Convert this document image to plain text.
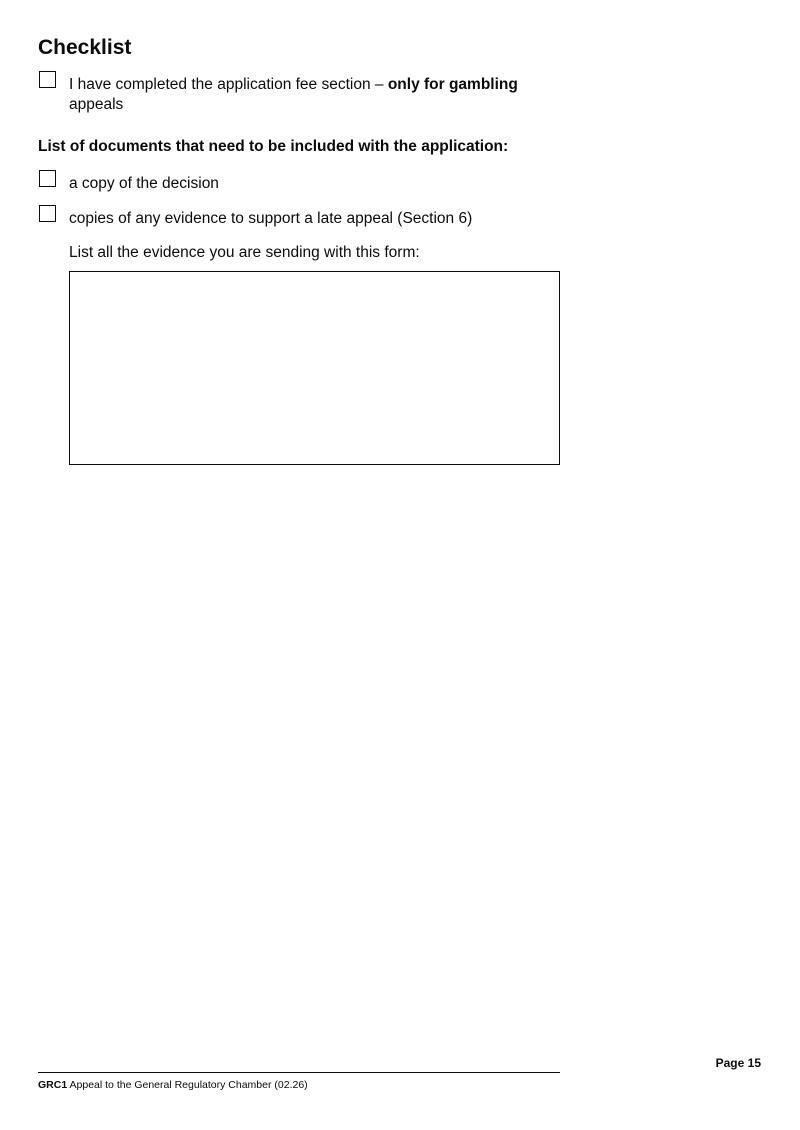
Checklist
I have completed the application fee section – only for gambling
appeals
List of documents that need to be included with the application:
a copy of the decision
copies of any evidence to support a late appeal (Section 6)
List all the evidence you are sending with this form:
Page 15
GRC1 Appeal to the General Regulatory Chamber (02.26)
